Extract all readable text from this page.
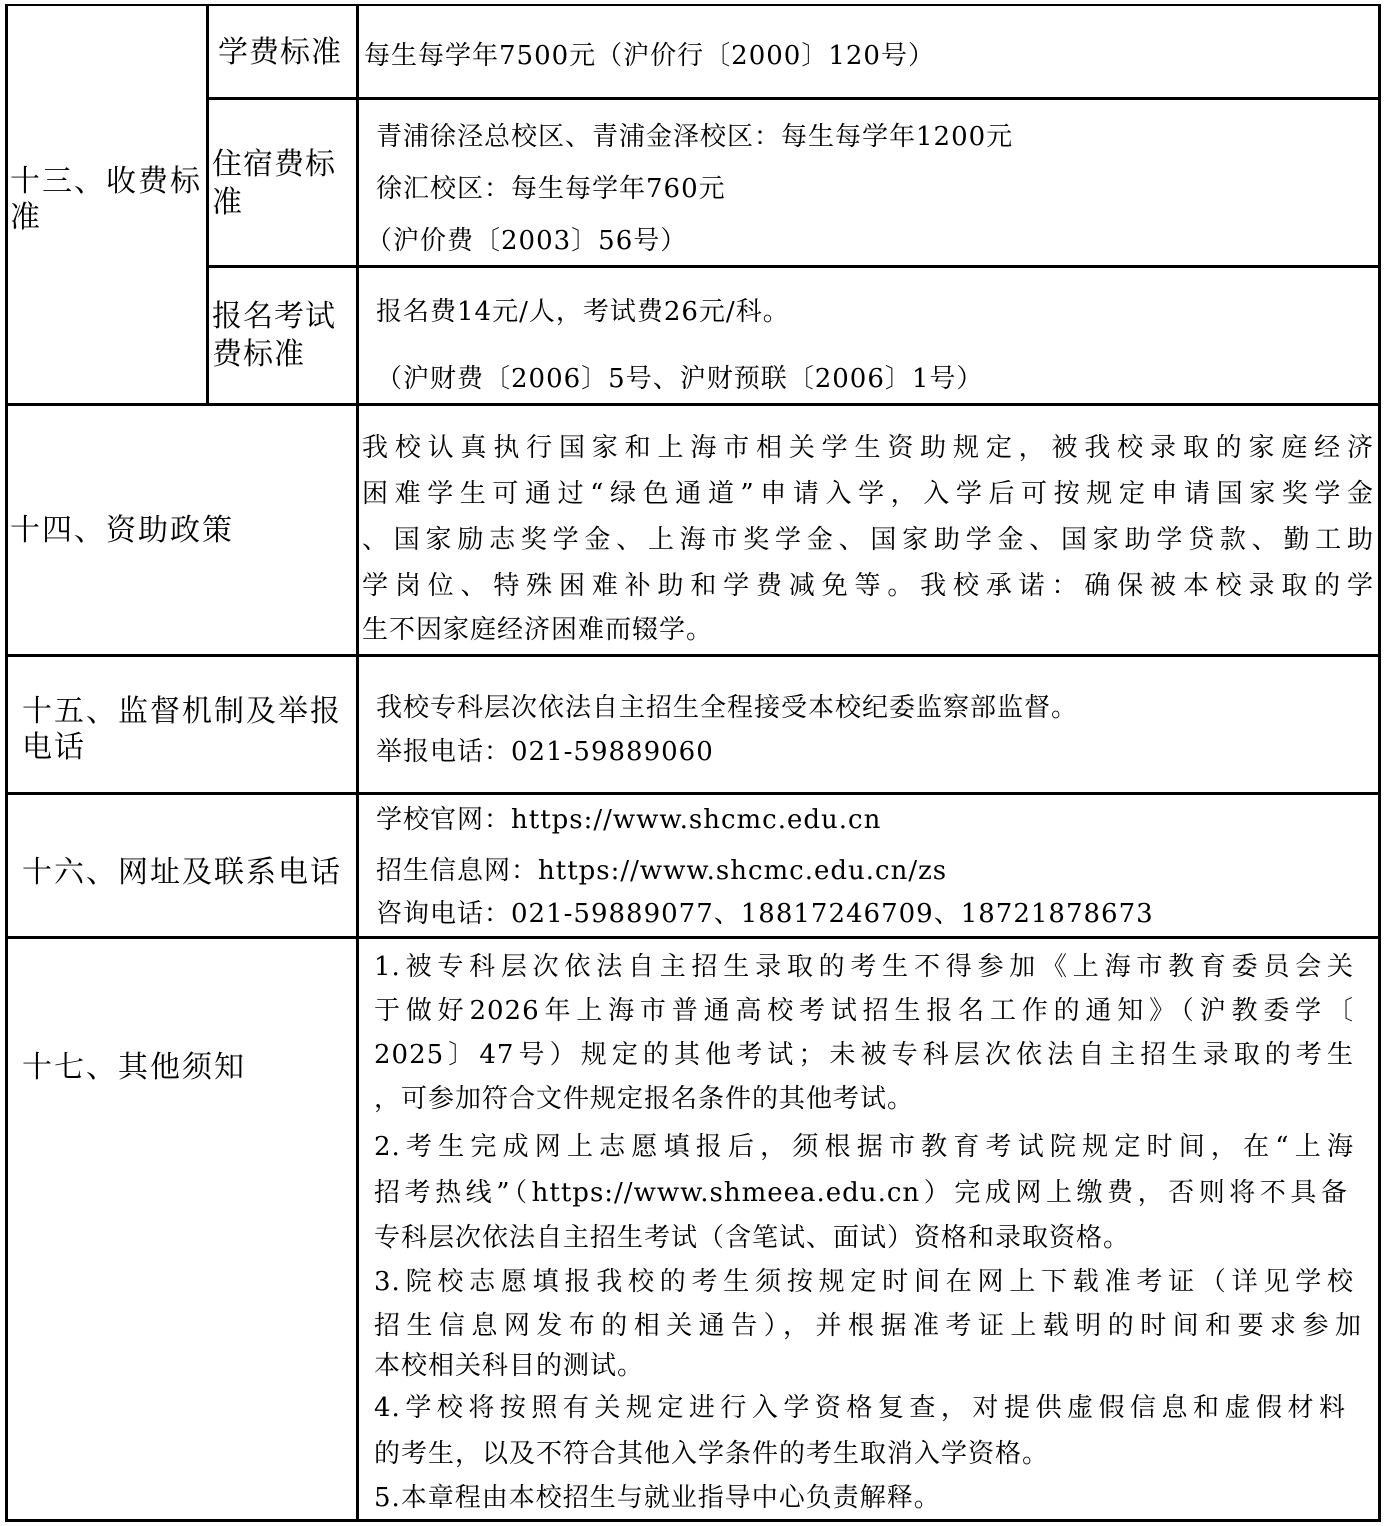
十三、收费标准
学费标准 每生每学年7500元（沪价行〔2000〕120号）
住宿费标准
青浦徐泾总校区、青浦金泽校区：每生每学年1200元
徐汇校区：每生每学年760元
（沪价费〔2003〕56号）
报名考试费标准
报名费14元/人，考试费26元/科。
（沪财费〔2006〕5号、沪财预联〔2006〕1号）
十四、资助政策
我校认真执行国家和上海市相关学生资助规定，被我校录取的家庭经济
困难学生可通过“绿色通道”申请入学，入学后可按规定申请国家奖学金
、国家励志奖学金、上海市奖学金、国家助学金、国家助学贷款、勤工助
学岗位、特殊困难补助和学费减免等。我校承诺：确保被本校录取的学
生不因家庭经济困难而辍学。
十五、监督机制及举报电话
我校专科层次依法自主招生全程接受本校纪委监察部监督。
举报电话：021-59889060
十六、网址及联系电话
学校官网：https://www.shcmc.edu.cn
招生信息网：https://www.shcmc.edu.cn/zs
咨询电话：021-59889077、18817246709、18721878673
十七、其他须知
1.被专科层次依法自主招生录取的考生不得参加《上海市教育委员会关
于做好2026年上海市普通高校考试招生报名工作的通知》（沪教委学〔
2025〕47号）规定的其他考试；未被专科层次依法自主招生录取的考生
，可参加符合文件规定报名条件的其他考试。
2.考生完成网上志愿填报后，须根据市教育考试院规定时间，在“上海
招考热线”（https://www.shmeea.edu.cn）完成网上缴费，否则将不具备
专科层次依法自主招生考试（含笔试、面试）资格和录取资格。
3.院校志愿填报我校的考生须按规定时间在网上下载准考证（详见学校
招生信息网发布的相关通告），并根据准考证上载明的时间和要求参加
本校相关科目的测试。
4.学校将按照有关规定进行入学资格复查，对提供虚假信息和虚假材料
的考生，以及不符合其他入学条件的考生取消入学资格。
5.本章程由本校招生与就业指导中心负责解释。
